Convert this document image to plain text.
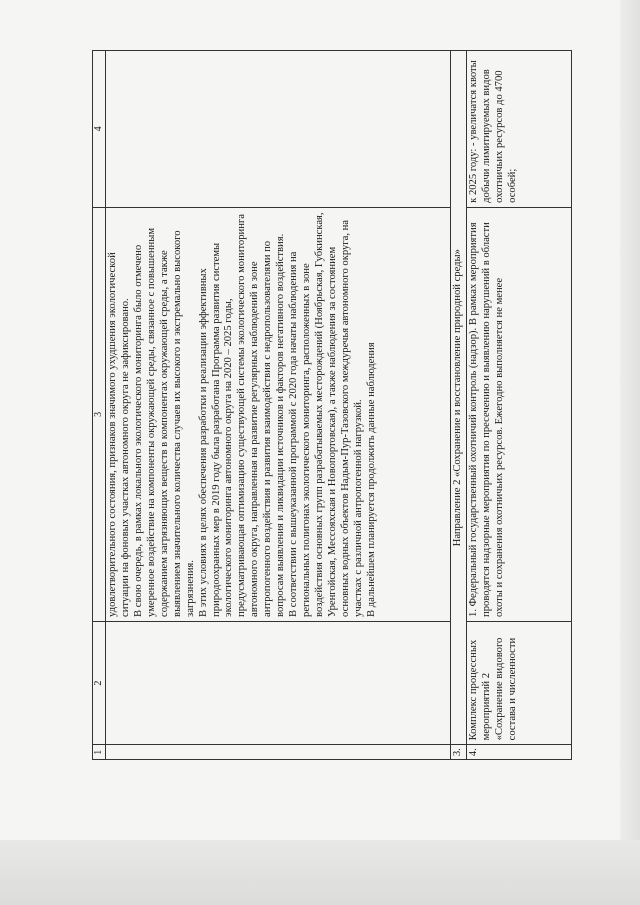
1	2	3	4

		удовлетворительного состояния, признаков значимого ухудшения экологической ситуации на фоновых участках автономного округа не зафиксировано. В свою очередь, в рамках локального экологического мониторинга было отмечено умеренное воздействие на компоненты окружающей среды, связанное с повышенным содержанием загрязняющих веществ в компонентах окружающей среды, а также выявлением значительного количества случаев их высокого и экстремально высокого загрязнения. В этих условиях в целях обеспечения разработки и реализации эффективных природоохранных мер в 2019 году была разработана Программа развития системы экологического мониторинга автономного округа на 2020 – 2025 годы, предусматривающая оптимизацию существующей системы экологического мониторинга автономного округа, направленная на развитие регулярных наблюдений в зоне антропогенного воздействия и развития взаимодействия с недропользователями по вопросам выявления и ликвидации источников и факторов негативного воздействия. В соответствии с вышеуказанной программой с 2020 года начаты наблюдения на региональных полигонах экологического мониторинга, расположенных в зоне воздействия основных групп разрабатываемых месторождений (Ноябрьская, Губкинская, Уренгойская, Мессояхская и Новопортовская), а также наблюдения за состоянием основных водных объектов Надым-Пур-Тазовского междуречья автономного округа, на участках с различной антропогенной нагрузкой. В дальнейшем планируется продолжить данные наблюдения	

3.	Направление 2 «Сохранение и восстановление природной среды»		
4.	Комплекс процессных мероприятий 2 «Сохранение видового состава и численности	1. Федеральный государственный охотничий контроль (надзор). В рамках мероприятия проводятся надзорные мероприятия по пресечению и выявлению нарушений в области охоты и сохранения охотничьих ресурсов. Ежегодно выполняется не менее	к 2025 году: - увеличатся квоты добычи лимитируемых видов охотничьих ресурсов до 4700 особей;
